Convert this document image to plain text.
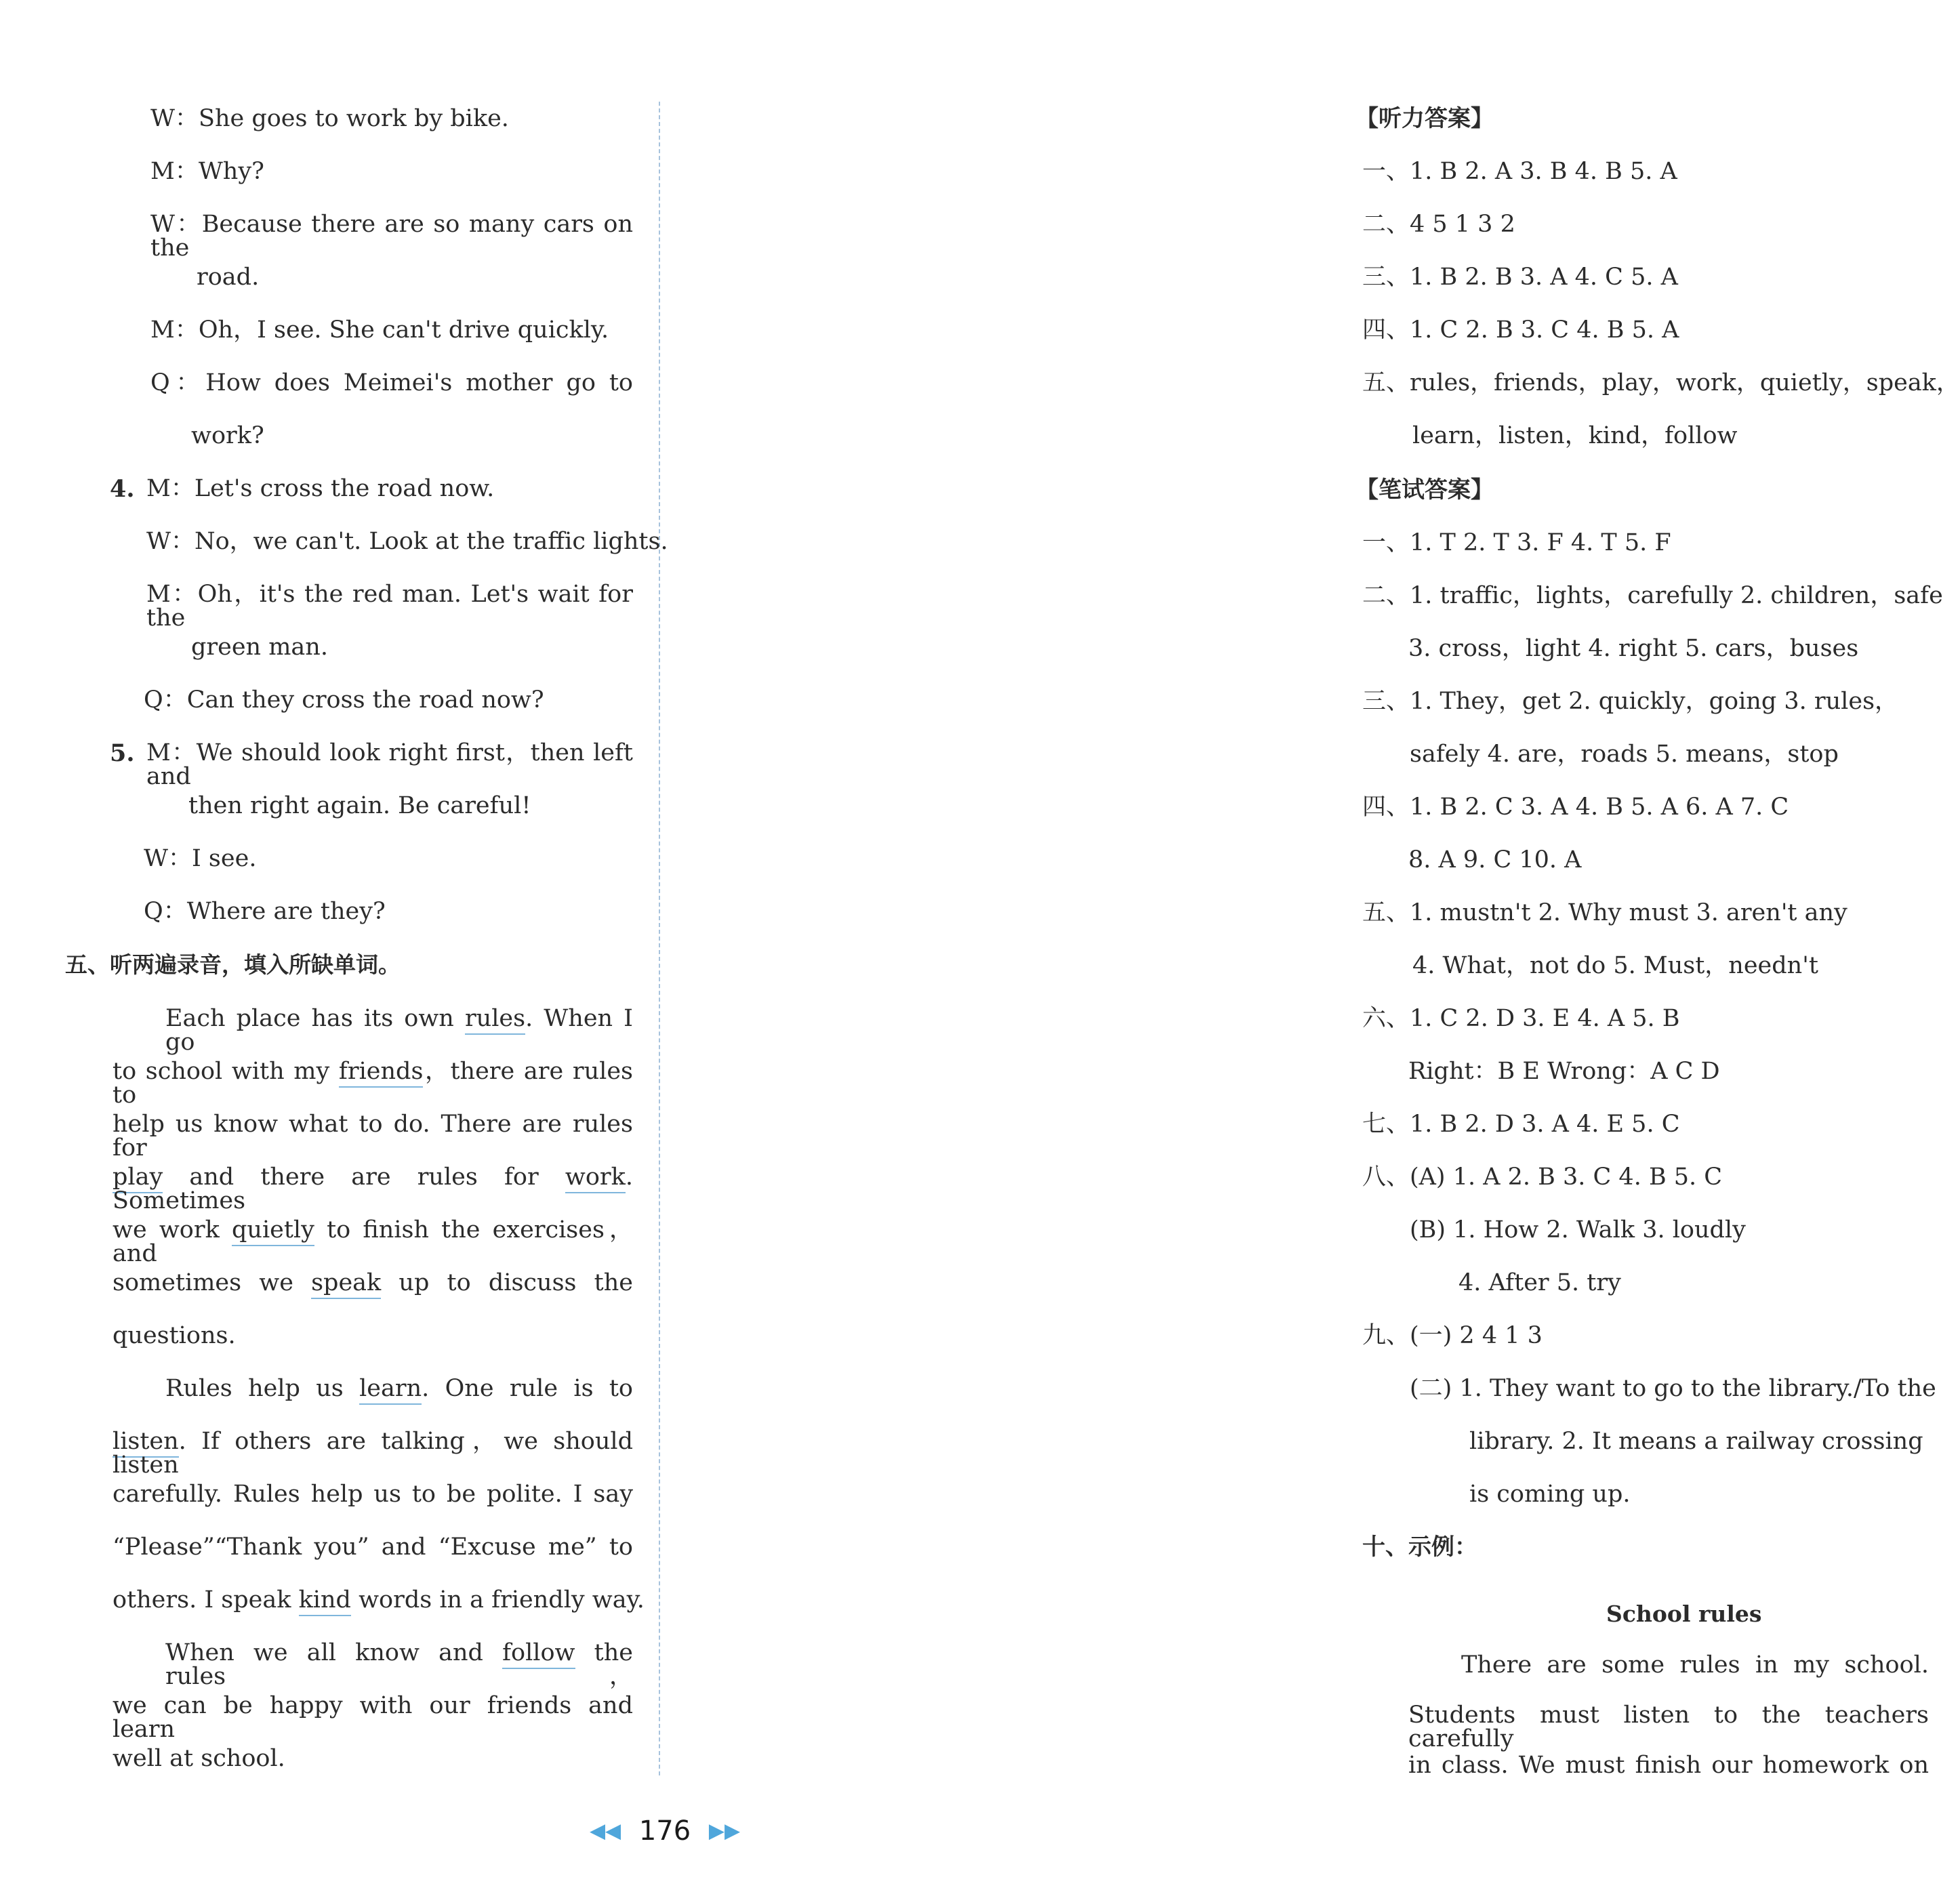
W：She goes to work by bike.
M：Why?
W：Because there are so many cars on the
road.
M：Oh，I see. She can't drive quickly.
Q：How does Meimei's mother go to
work?
4. M：Let's cross the road now.
W：No，we can't. Look at the traffic lights.
M：Oh，it's the red man. Let's wait for the
green man.
Q：Can they cross the road now?
5. M：We should look right first，then left and
then right again. Be careful!
W：I see.
Q：Where are they?
五、听两遍录音，填入所缺单词。
Each place has its own rules. When I go
to school with my friends，there are rules to
help us know what to do. There are rules for
play and there are rules for work. Sometimes
we work quietly to finish the exercises，and
sometimes we speak up to discuss the
questions.
Rules help us learn. One rule is to
listen. If others are talking，we should listen
carefully. Rules help us to be polite. I say
“Please”“Thank you” and “Excuse me” to
others. I speak kind words in a friendly way.
When we all know and follow the rules，
we can be happy with our friends and learn
well at school.
【听力答案】
一、1. B 2. A 3. B 4. B 5. A
二、4 5 1 3 2
三、1. B 2. B 3. A 4. C 5. A
四、1. C 2. B 3. C 4. B 5. A
五、rules，friends，play，work，quietly，speak，
learn，listen，kind，follow
【笔试答案】
一、1. T 2. T 3. F 4. T 5. F
二、1. traffic，lights，carefully 2. children，safe
3. cross，light 4. right 5. cars，buses
三、1. They，get 2. quickly，going 3. rules，
safely 4. are，roads 5. means，stop
四、1. B 2. C 3. A 4. B 5. A 6. A 7. C
8. A 9. C 10. A
五、1. mustn't 2. Why must 3. aren't any
4. What，not do 5. Must，needn't
六、1. C 2. D 3. E 4. A 5. B
Right：B E Wrong：A C D
七、1. B 2. D 3. A 4. E 5. C
八、(A) 1. A 2. B 3. C 4. B 5. C
(B) 1. How 2. Walk 3. loudly
4. After 5. try
九、(一) 2 4 1 3
(二) 1. They want to go to the library./To the
library. 2. It means a railway crossing
is coming up.
十、示例：
School rules
There are some rules in my school.
Students must listen to the teachers carefully
in class. We must finish our homework on
◀◀ 176 ▶▶
